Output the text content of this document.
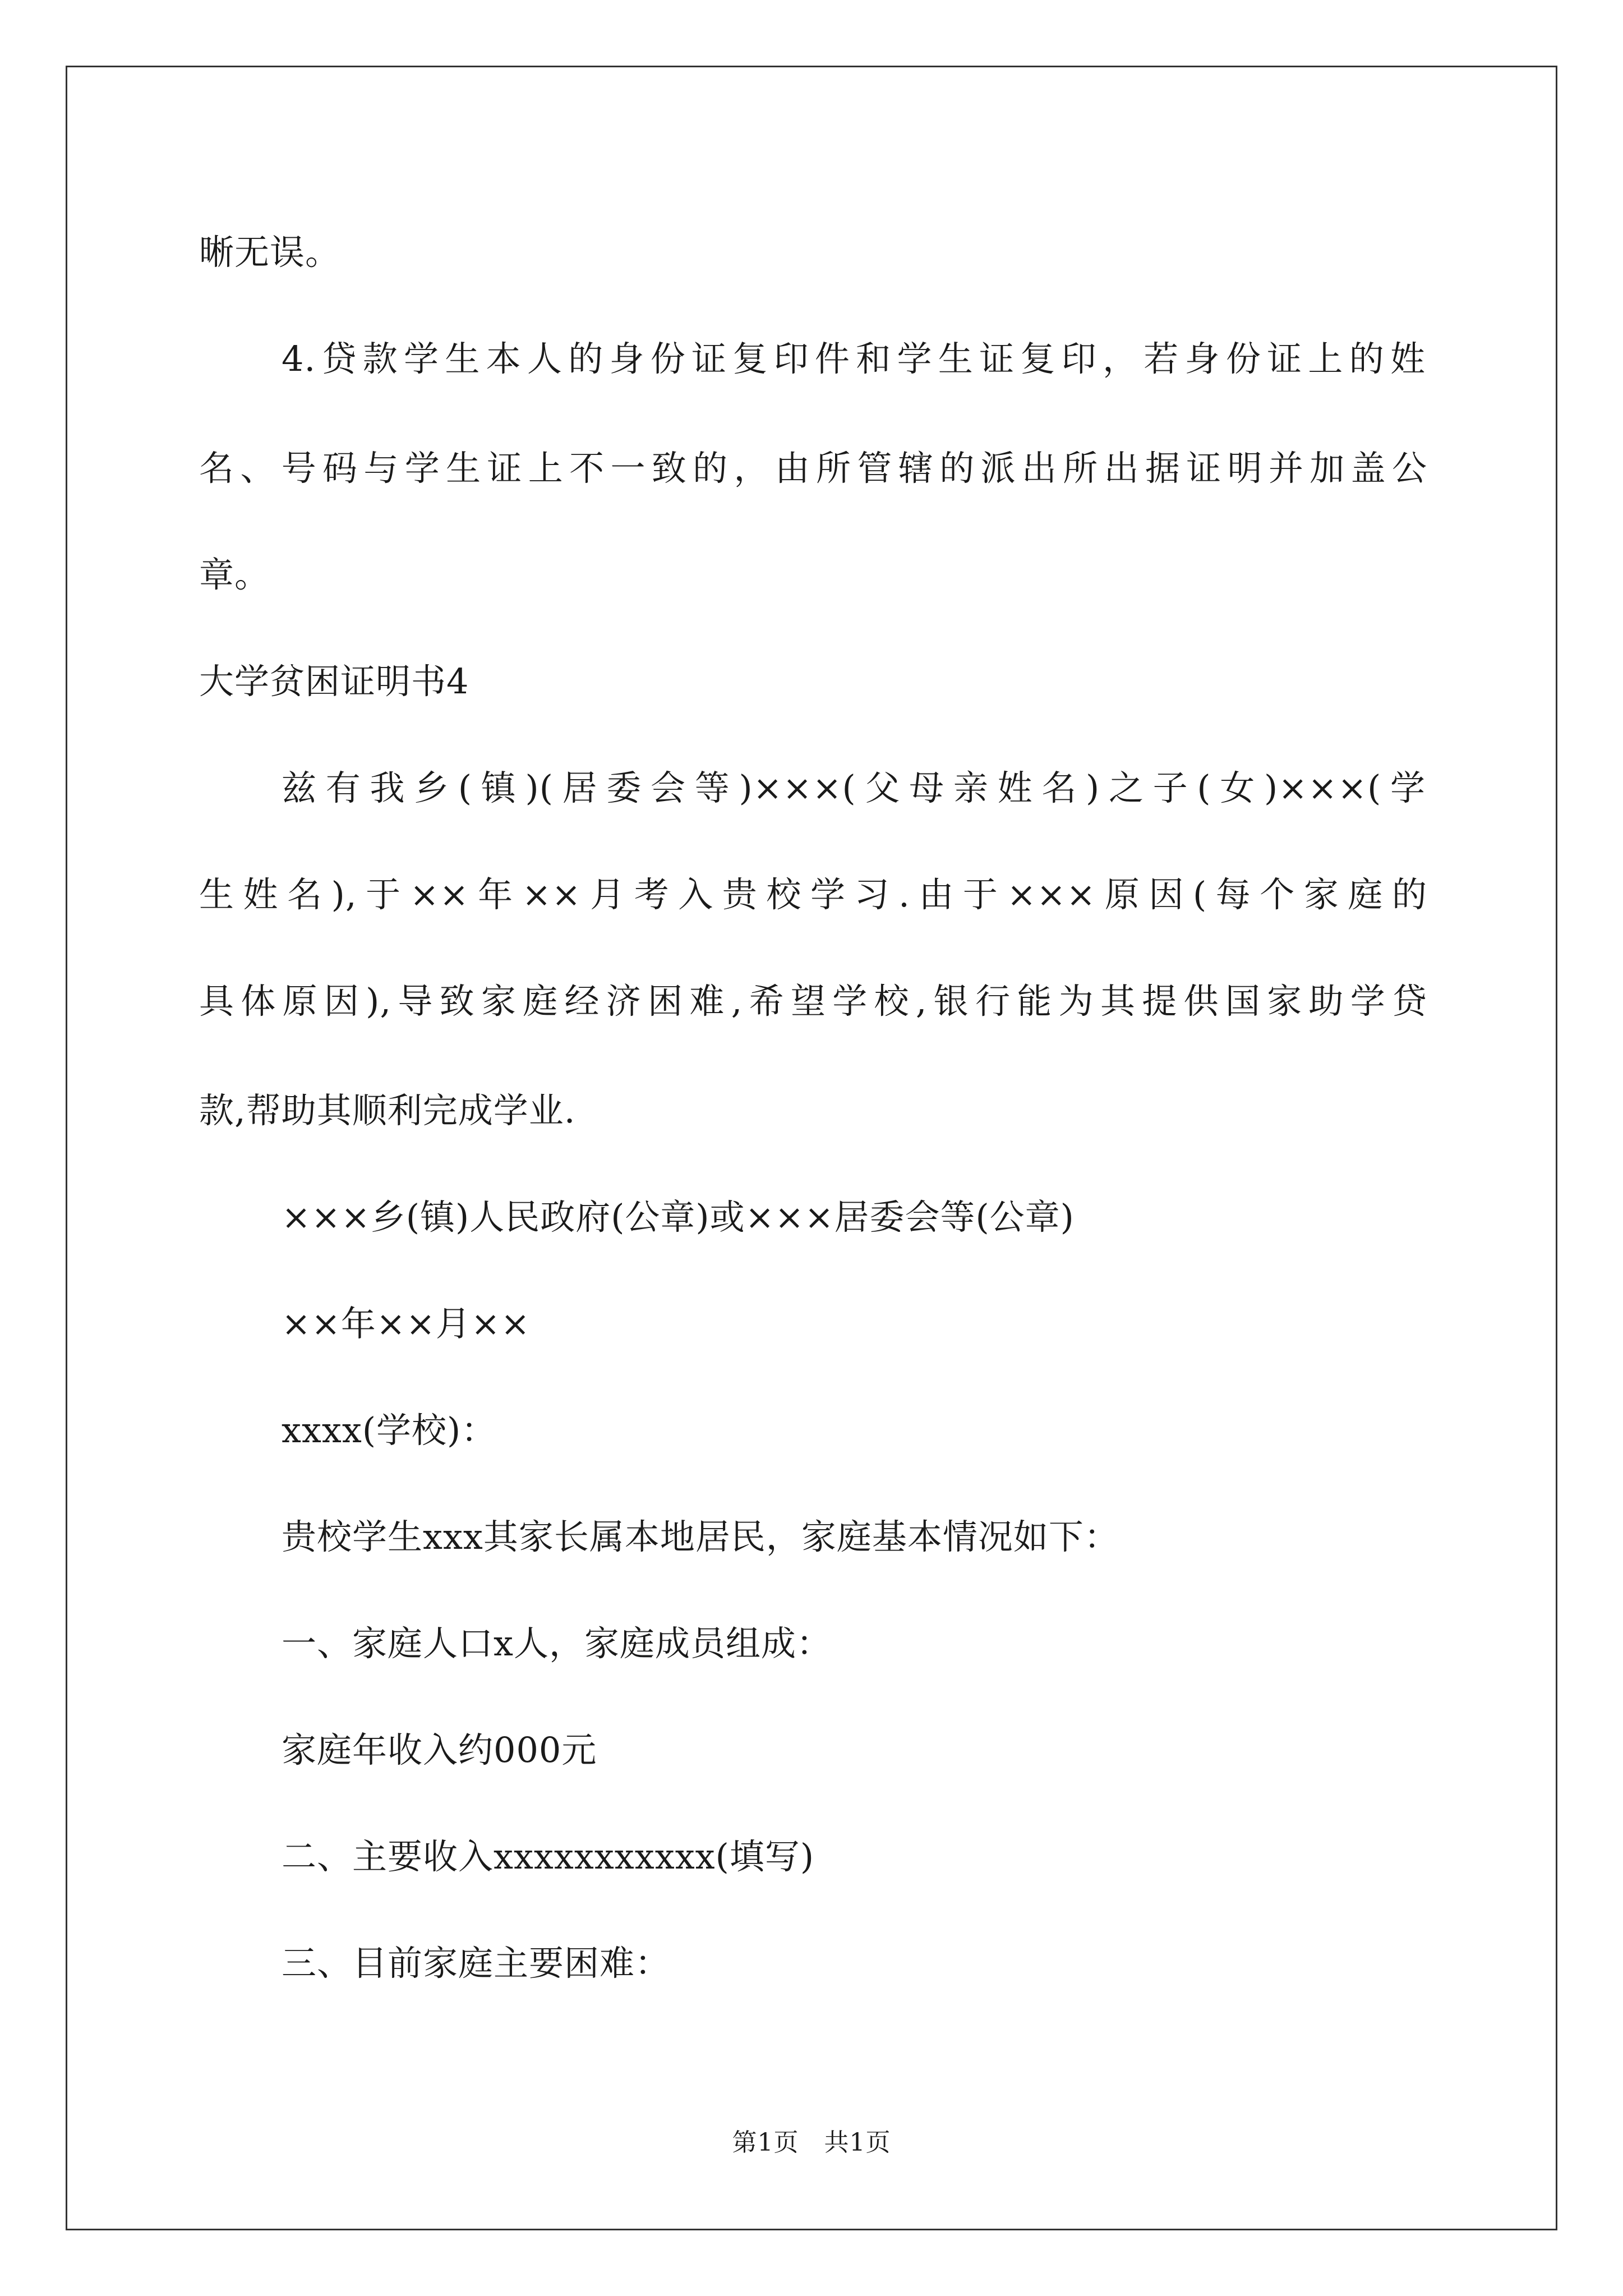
晰无误。
4.贷款学生本人的身份证复印件和学生证复印，若身份证上的姓
名、号码与学生证上不一致的，由所管辖的派出所出据证明并加盖公
章。
大学贫困证明书4
兹有我乡(镇)(居委会等)×××(父母亲姓名)之子(女)×××(学
生姓名),于××年××月考入贵校学习.由于×××原因(每个家庭的
具体原因),导致家庭经济困难,希望学校,银行能为其提供国家助学贷
款,帮助其顺利完成学业.
×××乡(镇)人民政府(公章)或×××居委会等(公章)
××年××月××
xxxx(学校)：
贵校学生xxx其家长属本地居民，家庭基本情况如下：
一、家庭人口x人，家庭成员组成：
家庭年收入约000元
二、主要收入xxxxxxxxxxx(填写)
三、目前家庭主要困难：
第1页　共1页
